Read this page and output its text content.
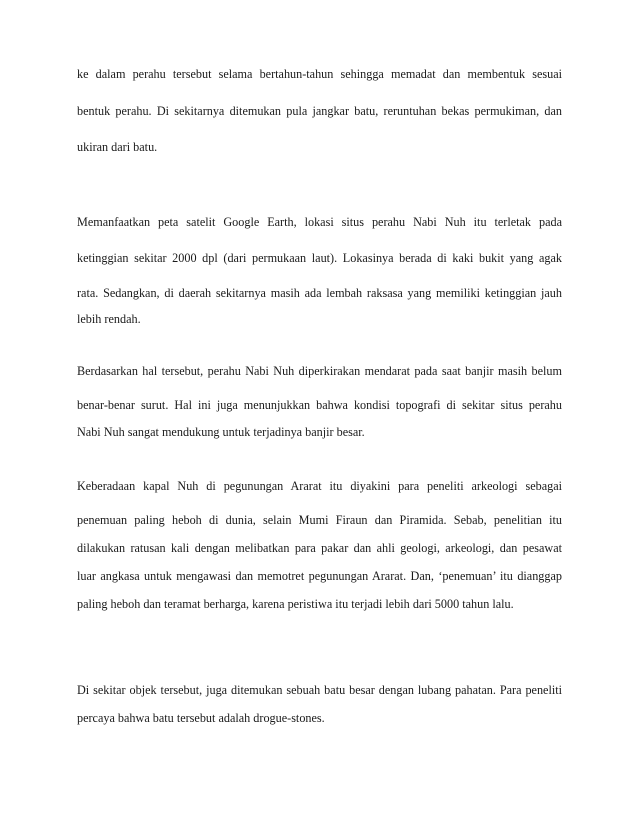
ke dalam perahu tersebut selama bertahun-tahun sehingga memadat dan membentuk sesuai
bentuk perahu. Di sekitarnya ditemukan pula jangkar batu, reruntuhan bekas permukiman, dan
ukiran dari batu.
Memanfaatkan peta satelit Google Earth, lokasi situs perahu Nabi Nuh itu terletak pada
ketinggian sekitar 2000 dpl (dari permukaan laut). Lokasinya berada di kaki bukit yang agak
rata. Sedangkan, di daerah sekitarnya masih ada lembah raksasa yang memiliki ketinggian jauh
lebih rendah.
Berdasarkan hal tersebut, perahu Nabi Nuh diperkirakan mendarat pada saat banjir masih belum
benar-benar surut. Hal ini juga menunjukkan bahwa kondisi topografi di sekitar situs perahu
Nabi Nuh sangat mendukung untuk terjadinya banjir besar.
Keberadaan kapal Nuh di pegunungan Ararat itu diyakini para peneliti arkeologi sebagai
penemuan paling heboh di dunia, selain Mumi Firaun dan Piramida. Sebab, penelitian itu
dilakukan ratusan kali dengan melibatkan para pakar dan ahli geologi, arkeologi, dan pesawat
luar angkasa untuk mengawasi dan memotret pegunungan Ararat. Dan, ‘penemuan’ itu dianggap
paling heboh dan teramat berharga, karena peristiwa itu terjadi lebih dari 5000 tahun lalu.
Di sekitar objek tersebut, juga ditemukan sebuah batu besar dengan lubang pahatan. Para peneliti
percaya bahwa batu tersebut adalah drogue-stones.
